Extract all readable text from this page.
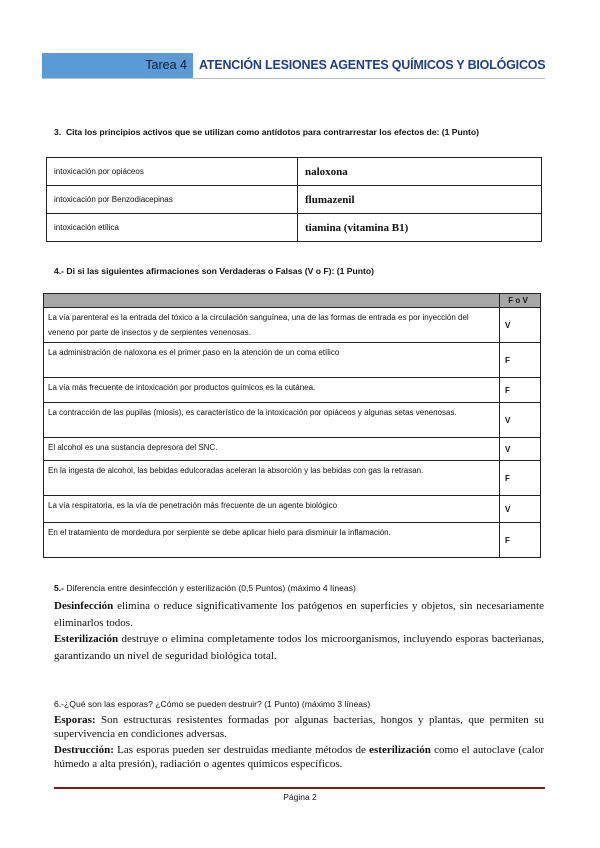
Tarea 4 ATENCIÓN LESIONES AGENTES QUÍMICOS Y BIOLÓGICOS
3. Cita los principios activos que se utilizan como antídotos para contrarrestar los efectos de: (1 Punto)
intoxicación por opiáceos	naloxona
intoxicación por Benzodiacepinas	flumazenil
intoxicación etílica	tiamina (vitamina B1)
4.- Di si las siguientes afirmaciones son Verdaderas o Falsas (V o F): (1 Punto)
	F o V
La vía parenteral es la entrada del tóxico a la circulación sanguínea, una de las formas de entrada es por inyección del veneno por parte de insectos y de serpientes venenosas.	V
La administración de naloxona es el primer paso en la atención de un coma etílico	F
La vía más frecuente de intoxicación por productos químicos es la cutánea.	F
La contracción de las pupilas (miosis), es característico de la intoxicación por opiáceos y algunas setas venenosas.	V
El alcohol es una sustancia depresora del SNC.	V
En la ingesta de alcohol, las bebidas edulcoradas aceleran la absorción y las bebidas con gas la retrasan.	F
La vía respiratoria, es la vía de penetración más frecuente de un agente biológico	V
En el tratamiento de mordedura por serpiente se debe aplicar hielo para disminuir la inflamación.	F
5.- Diferencia entre desinfección y esterilización (0,5 Puntos) (máximo 4 líneas)
Desinfección elimina o reduce significativamente los patógenos en superficies y objetos, sin necesariamente eliminarlos todos.
Esterilización destruye o elimina completamente todos los microorganismos, incluyendo esporas bacterianas, garantizando un nivel de seguridad biológica total.
6.-¿Qué son las esporas? ¿Cómo se pueden destruir? (1 Punto) (máximo 3 líneas)
Esporas: Son estructuras resistentes formadas por algunas bacterias, hongos y plantas, que permiten su supervivencia en condiciones adversas.
Destrucción: Las esporas pueden ser destruidas mediante métodos de esterilización como el autoclave (calor húmedo a alta presión), radiación o agentes químicos específicos.
Página 2
